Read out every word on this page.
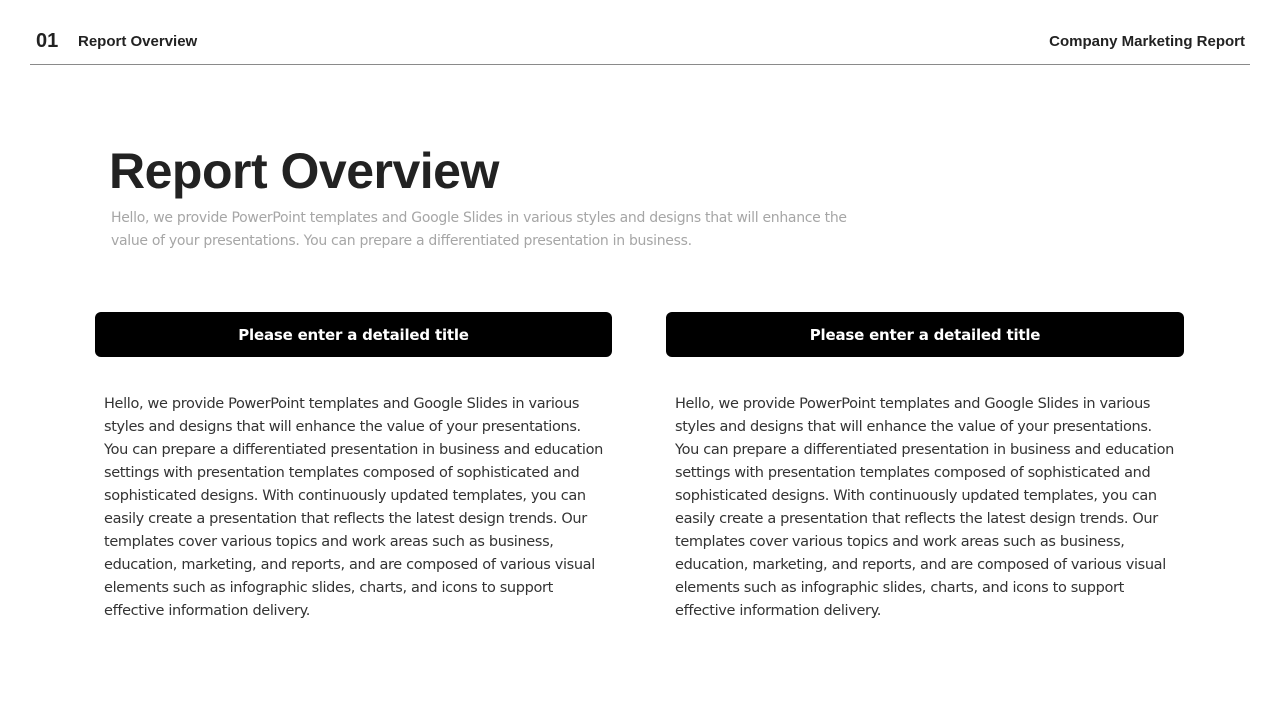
01 Report Overview	Company Marketing Report
Report Overview

Hello, we provide PowerPoint templates and Google Slides in various styles and designs that will enhance the value of your presentations. You can prepare a differentiated presentation in business.

Please enter a detailed title
Hello, we provide PowerPoint templates and Google Slides in various styles and designs that will enhance the value of your presentations. You can prepare a differentiated presentation in business and education settings with presentation templates composed of sophisticated and sophisticated designs. With continuously updated templates, you can easily create a presentation that reflects the latest design trends. Our templates cover various topics and work areas such as business, education, marketing, and reports, and are composed of various visual elements such as infographic slides, charts, and icons to support effective information delivery.
Please enter a detailed title
Hello, we provide PowerPoint templates and Google Slides in various styles and designs that will enhance the value of your presentations. You can prepare a differentiated presentation in business and education settings with presentation templates composed of sophisticated and sophisticated designs. With continuously updated templates, you can easily create a presentation that reflects the latest design trends. Our templates cover various topics and work areas such as business, education, marketing, and reports, and are composed of various visual elements such as infographic slides, charts, and icons to support effective information delivery.
